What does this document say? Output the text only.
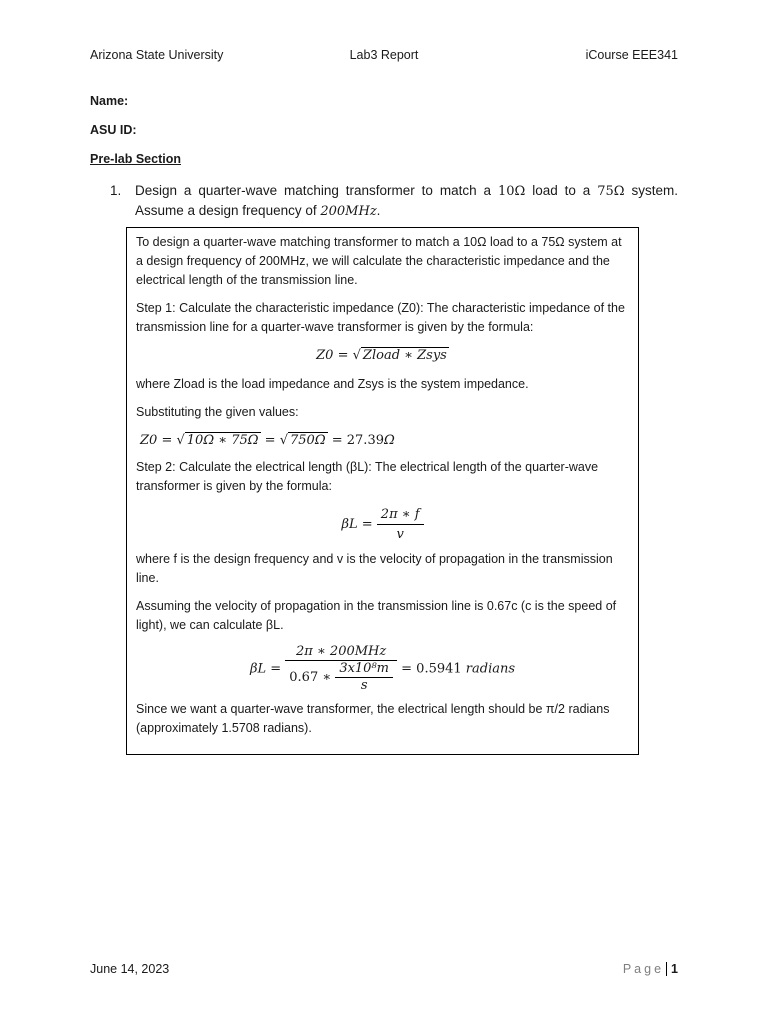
Arizona State University	Lab3 Report	iCourse EEE341
Name:
ASU ID:
Pre-lab Section
1. Design a quarter-wave matching transformer to match a 10Ω load to a 75Ω system. Assume a design frequency of 200MHz.

To design a quarter-wave matching transformer to match a 10Ω load to a 75Ω system at a design frequency of 200MHz, we will calculate the characteristic impedance and the electrical length of the transmission line.

Step 1: Calculate the characteristic impedance (Z0): The characteristic impedance of the transmission line for a quarter-wave transformer is given by the formula:

Z0 = √ Zload ∗ Zsys

where Zload is the load impedance and Zsys is the system impedance.

Substituting the given values:

Z0 = √ 10Ω ∗ 75Ω = √ 750Ω = 27.39Ω

Step 2: Calculate the electrical length (βL): The electrical length of the quarter-wave transformer is given by the formula:

$\beta L = \frac{2\pi ∗ f}{v}$

where f is the design frequency and v is the velocity of propagation in the transmission line.

Assuming the velocity of propagation in the transmission line is 0.67c (c is the speed of light), we can calculate βL.

$\beta L = \frac{\text{2π ∗ 200MHz}}{0.67 ∗ \frac{\text{3x10⁸m}}{s}} = 0.5941$ radians

Since we want a quarter-wave transformer, the electrical length should be π/2 radians (approximately 1.5708 radians).

June 14, 2023	Page 1
